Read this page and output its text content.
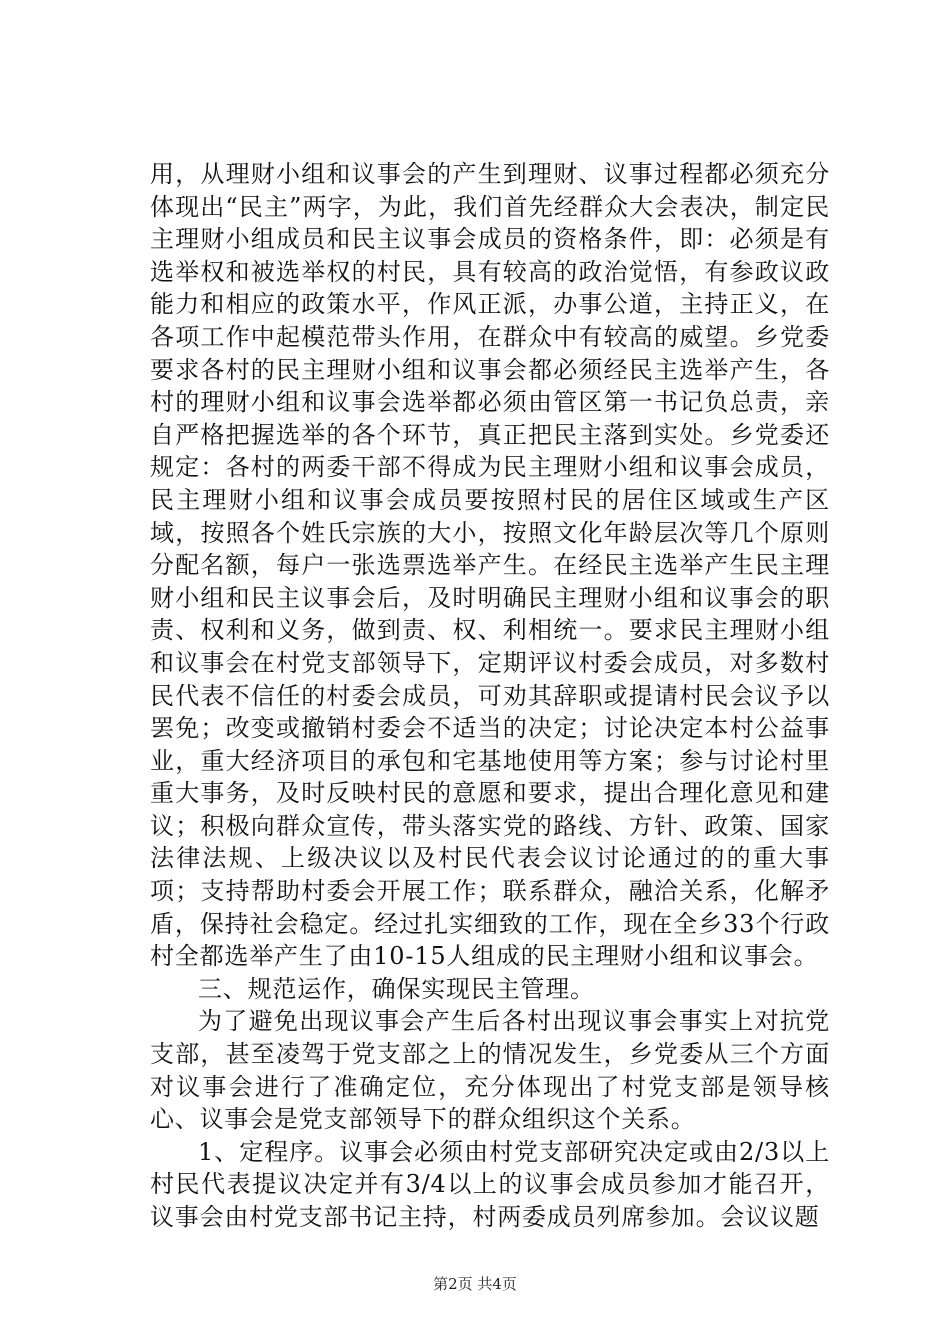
用，从理财小组和议事会的产生到理财、议事过程都必须充分体现出“民主”两字，为此，我们首先经群众大会表决，制定民主理财小组成员和民主议事会成员的资格条件，即：必须是有选举权和被选举权的村民，具有较高的政治觉悟，有参政议政能力和相应的政策水平，作风正派，办事公道，主持正义，在各项工作中起模范带头作用，在群众中有较高的威望。乡党委要求各村的民主理财小组和议事会都必须经民主选举产生，各村的理财小组和议事会选举都必须由管区第一书记负总责，亲自严格把握选举的各个环节，真正把民主落到实处。乡党委还规定：各村的两委干部不得成为民主理财小组和议事会成员，民主理财小组和议事会成员要按照村民的居住区域或生产区域，按照各个姓氏宗族的大小，按照文化年龄层次等几个原则分配名额，每户一张选票选举产生。在经民主选举产生民主理财小组和民主议事会后，及时明确民主理财小组和议事会的职责、权利和义务，做到责、权、利相统一。要求民主理财小组和议事会在村党支部领导下，定期评议村委会成员，对多数村民代表不信任的村委会成员，可劝其辞职或提请村民会议予以罢免；改变或撤销村委会不适当的决定；讨论决定本村公益事业，重大经济项目的承包和宅基地使用等方案；参与讨论村里重大事务，及时反映村民的意愿和要求，提出合理化意见和建议；积极向群众宣传，带头落实党的路线、方针、政策、国家法律法规、上级决议以及村民代表会议讨论通过的的重大事项；支持帮助村委会开展工作；联系群众，融洽关系，化解矛盾，保持社会稳定。经过扎实细致的工作，现在全乡33个行政村全都选举产生了由10-15人组成的民主理财小组和议事会。

三、规范运作，确保实现民主管理。

为了避免出现议事会产生后各村出现议事会事实上对抗党支部，甚至凌驾于党支部之上的情况发生，乡党委从三个方面对议事会进行了准确定位，充分体现出了村党支部是领导核心、议事会是党支部领导下的群众组织这个关系。

1、定程序。议事会必须由村党支部研究决定或由2/3以上村民代表提议决定并有3/4以上的议事会成员参加才能召开，议事会由村党支部书记主持，村两委成员列席参加。会议议题

第2页 共4页
